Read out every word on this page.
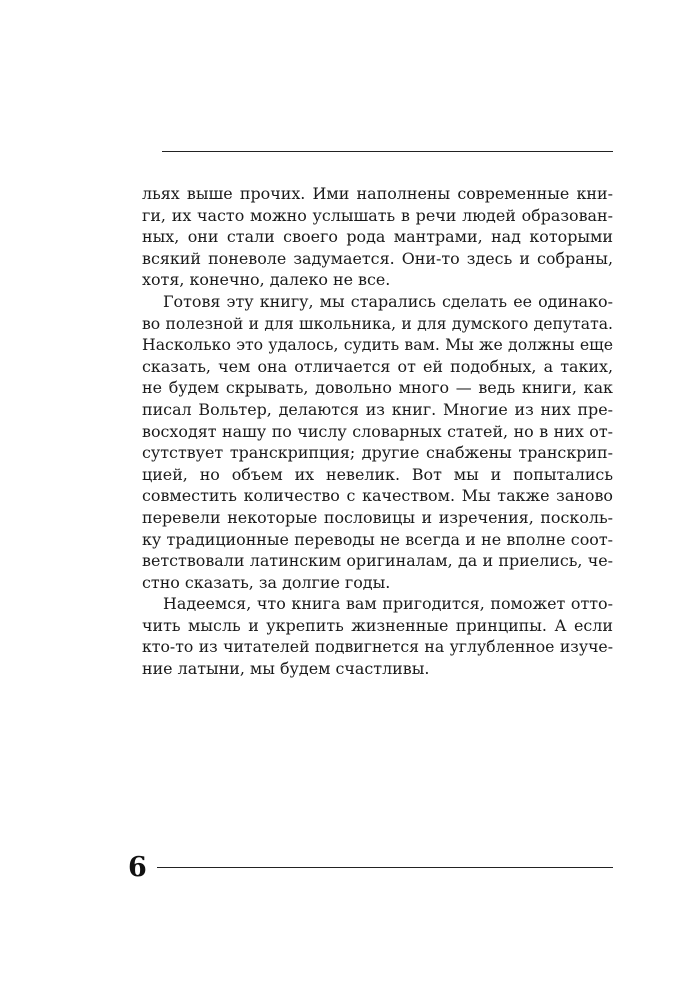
льях выше прочих. Ими наполнены современные кни-
ги, их часто можно услышать в речи людей образован-
ных, они стали своего рода мантрами, над которыми
всякий поневоле задумается. Они-то здесь и собраны,
хотя, конечно, далеко не все.
Готовя эту книгу, мы старались сделать ее одинако-
во полезной и для школьника, и для думского депутата.
Насколько это удалось, судить вам. Мы же должны еще
сказать, чем она отличается от ей подобных, а таких,
не будем скрывать, довольно много — ведь книги, как
писал Вольтер, делаются из книг. Многие из них пре-
восходят нашу по числу словарных статей, но в них от-
сутствует транскрипция; другие снабжены транскрип-
цией, но объем их невелик. Вот мы и попытались
совместить количество с качеством. Мы также заново
перевели некоторые пословицы и изречения, посколь-
ку традиционные переводы не всегда и не вполне соот-
ветствовали латинским оригиналам, да и приелись, че-
стно сказать, за долгие годы.
Надеемся, что книга вам пригодится, поможет отто-
чить мысль и укрепить жизненные принципы. А если
кто-то из читателей подвигнется на углубленное изуче-
ние латыни, мы будем счастливы.
6
